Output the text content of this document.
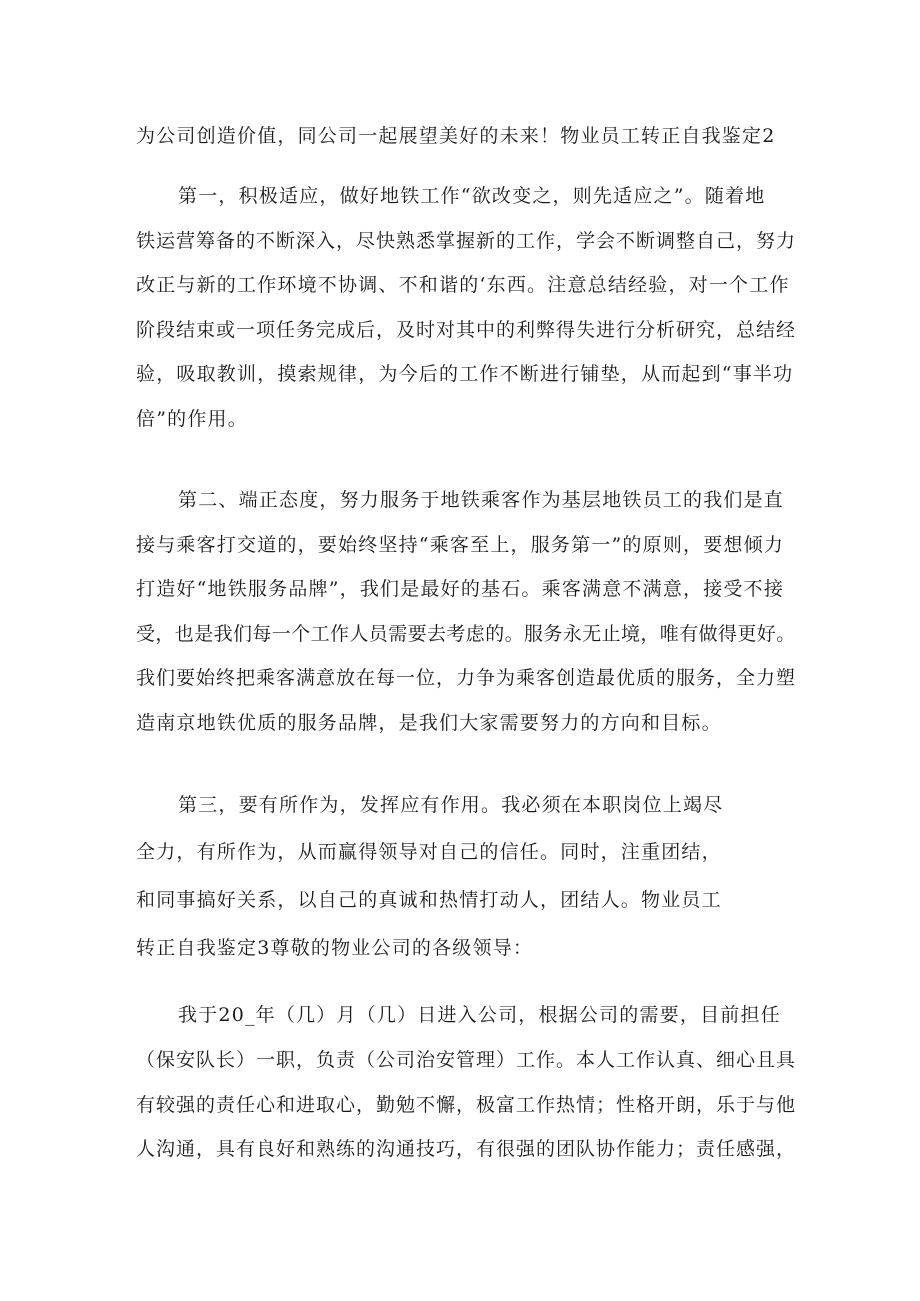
为公司创造价值，同公司一起展望美好的未来！物业员工转正自我鉴定2
第一，积极适应，做好地铁工作“欲改变之，则先适应之”。随着地
铁运营筹备的不断深入，尽快熟悉掌握新的工作，学会不断调整自己，努力
改正与新的工作环境不协调、不和谐的‘东西。注意总结经验，对一个工作
阶段结束或一项任务完成后，及时对其中的利弊得失进行分析研究，总结经
验，吸取教训，摸索规律，为今后的工作不断进行铺垫，从而起到“事半功
倍”的作用。
第二、端正态度，努力服务于地铁乘客作为基层地铁员工的我们是直
接与乘客打交道的，要始终坚持“乘客至上，服务第一”的原则，要想倾力
打造好“地铁服务品牌”，我们是最好的基石。乘客满意不满意，接受不接
受，也是我们每一个工作人员需要去考虑的。服务永无止境，唯有做得更好。
我们要始终把乘客满意放在每一位，力争为乘客创造最优质的服务，全力塑
造南京地铁优质的服务品牌，是我们大家需要努力的方向和目标。
第三，要有所作为，发挥应有作用。我必须在本职岗位上竭尽
全力，有所作为，从而赢得领导对自己的信任。同时，注重团结，
和同事搞好关系，以自己的真诚和热情打动人，团结人。物业员工
转正自我鉴定3尊敬的物业公司的各级领导：
我于20_年（几）月（几）日进入公司，根据公司的需要，目前担任
（保安队长）一职，负责（公司治安管理）工作。本人工作认真、细心且具
有较强的责任心和进取心，勤勉不懈，极富工作热情；性格开朗，乐于与他
人沟通，具有良好和熟练的沟通技巧，有很强的团队协作能力；责任感强，
